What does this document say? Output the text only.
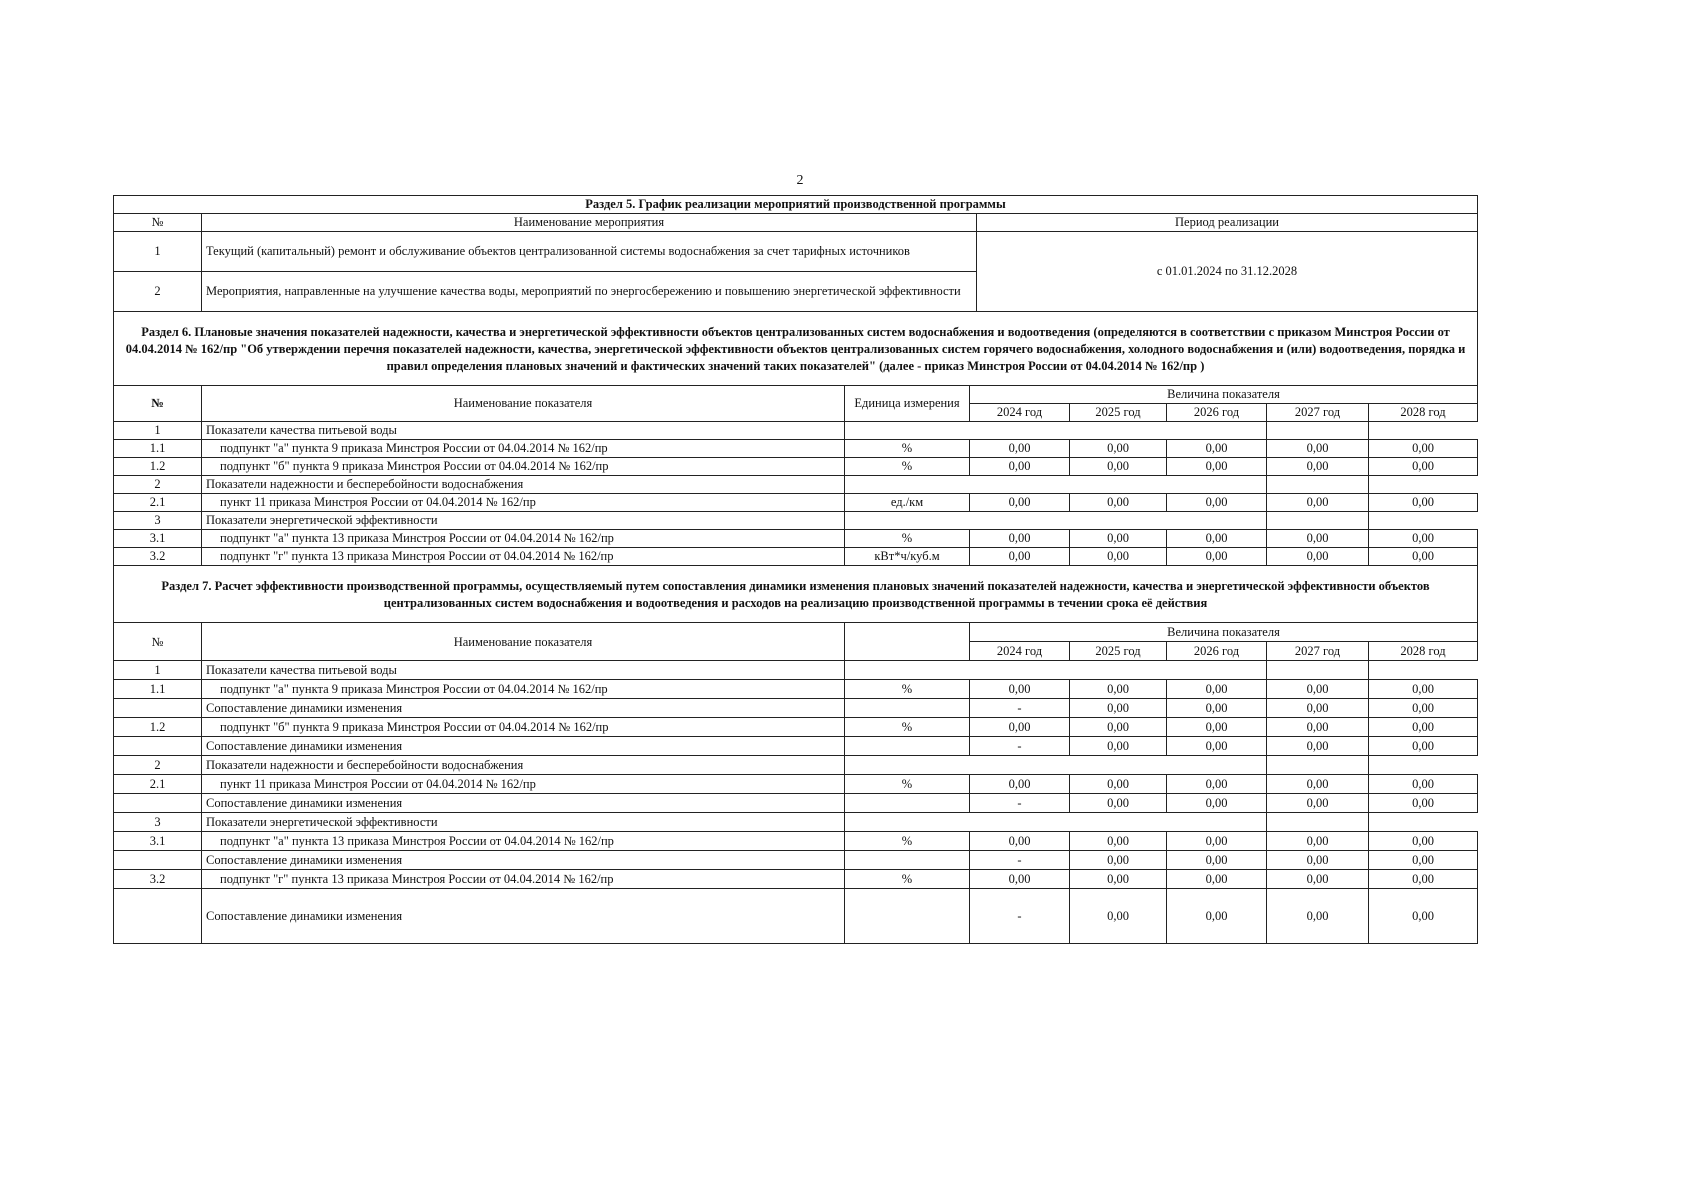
2
Раздел 5. График реализации мероприятий производственной программы		
№	Наименование мероприятия	Период реализации
1	Текущий (капитальный) ремонт и обслуживание объектов централизованной системы водоснабжения за счет тарифных источников	с 01.01.2024 по 31.12.2028
2	Мероприятия, направленные на улучшение качества воды, мероприятий по энергосбережению и повышению энергетической эффективности	
Раздел 6. Плановые значения показателей надежности, качества и энергетической эффективности объектов централизованных систем водоснабжения и водоотведения (определяются в соответствии с приказом Минстроя России от 04.04.2014 № 162/пр "Об утверждении перечня показателей надежности, качества, энергетической эффективности объектов централизованных систем горячего водоснабжения, холодного водоснабжения и (или) водоотведения, порядка и правил определения плановых значений и фактических значений таких показателей" (далее - приказ Минстроя России от 04.04.2014 № 162/пр )
№	Наименование показателя	Единица измерения	Величина показателя				
			2024 год	2025 год	2026 год	2027 год	2028 год
1	Показатели качества питьевой воды						
1.1	подпункт "а" пункта 9 приказа Минстроя России от 04.04.2014 № 162/пр	%	0,00	0,00	0,00	0,00	0,00
1.2	подпункт "б" пункта 9 приказа Минстроя России от 04.04.2014 № 162/пр	%	0,00	0,00	0,00	0,00	0,00
2	Показатели надежности и бесперебойности водоснабжения						
2.1	пункт 11 приказа Минстроя России от 04.04.2014 № 162/пр	ед./км	0,00	0,00	0,00	0,00	0,00
3	Показатели энергетической эффективности						
3.1	подпункт "а" пункта 13 приказа Минстроя России от 04.04.2014 № 162/пр	%	0,00	0,00	0,00	0,00	0,00
3.2	подпункт "г" пункта 13 приказа Минстроя России от 04.04.2014 № 162/пр	кВт*ч/куб.м	0,00	0,00	0,00	0,00	0,00
Раздел 7. Расчет эффективности производственной программы, осуществляемый путем сопоставления динамики изменения плановых значений показателей надежности, качества и энергетической эффективности объектов централизованных систем водоснабжения и водоотведения и расходов на реализацию производственной программы в течении срока её действия
№	Наименование показателя		Величина показателя				
			2024 год	2025 год	2026 год	2027 год	2028 год
1	Показатели качества питьевой воды						
1.1	подпункт "а" пункта 9 приказа Минстроя России от 04.04.2014 № 162/пр	%	0,00	0,00	0,00	0,00	0,00
	Сопоставление динамики изменения		-	0,00	0,00	0,00	0,00
1.2	подпункт "б" пункта 9 приказа Минстроя России от 04.04.2014 № 162/пр	%	0,00	0,00	0,00	0,00	0,00
	Сопоставление динамики изменения		-	0,00	0,00	0,00	0,00
2	Показатели надежности и бесперебойности водоснабжения						
2.1	пункт 11 приказа Минстроя России от 04.04.2014 № 162/пр	%	0,00	0,00	0,00	0,00	0,00
	Сопоставление динамики изменения		-	0,00	0,00	0,00	0,00
3	Показатели энергетической эффективности						
3.1	подпункт "а" пункта 13 приказа Минстроя России от 04.04.2014 № 162/пр	%	0,00	0,00	0,00	0,00	0,00
	Сопоставление динамики изменения		-	0,00	0,00	0,00	0,00
3.2	подпункт "г" пункта 13 приказа Минстроя России от 04.04.2014 № 162/пр	%	0,00	0,00	0,00	0,00	0,00
	Сопоставление динамики изменения		-	0,00	0,00	0,00	0,00
